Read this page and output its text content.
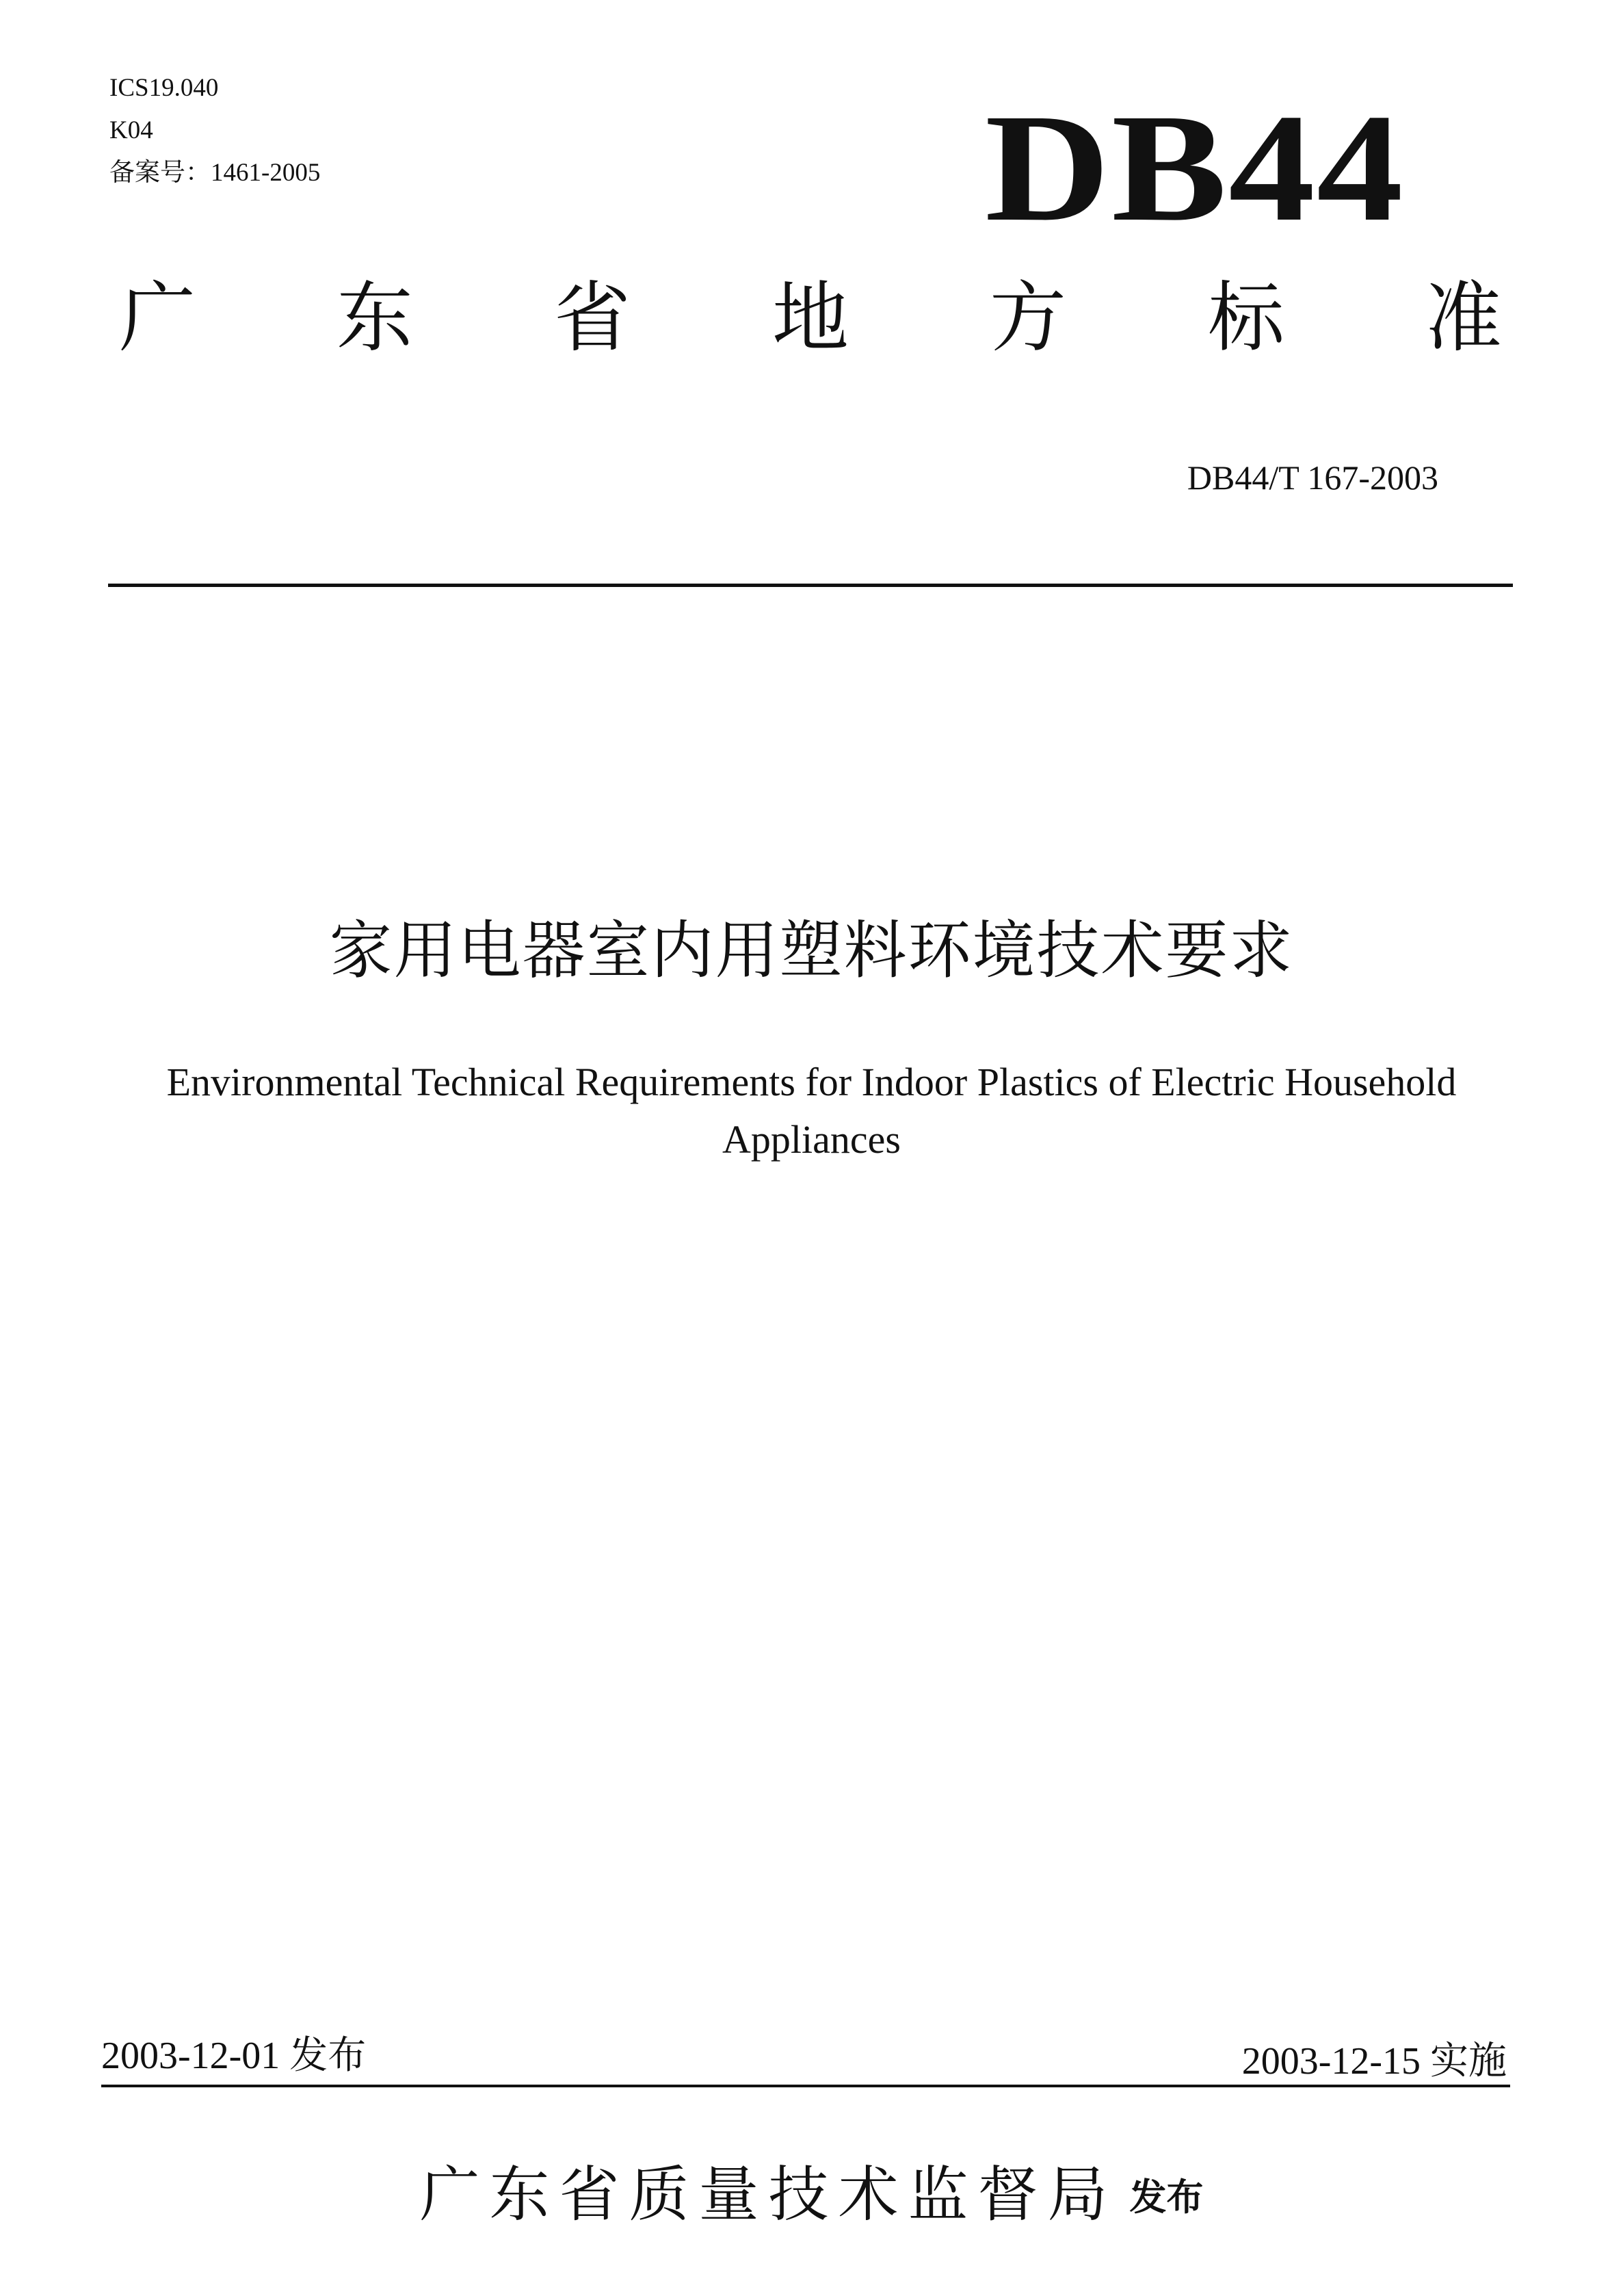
ICS19.040
K04
备案号：1461-2005	DB44
广 东 省 地 方 标 准
DB44/T 167-2003
家用电器室内用塑料环境技术要求
Environmental Technical Requirements for Indoor Plastics of Electric Household
Appliances
2003-12-01 发布	2003-12-15 实施
广东省质量技术监督局 发布
